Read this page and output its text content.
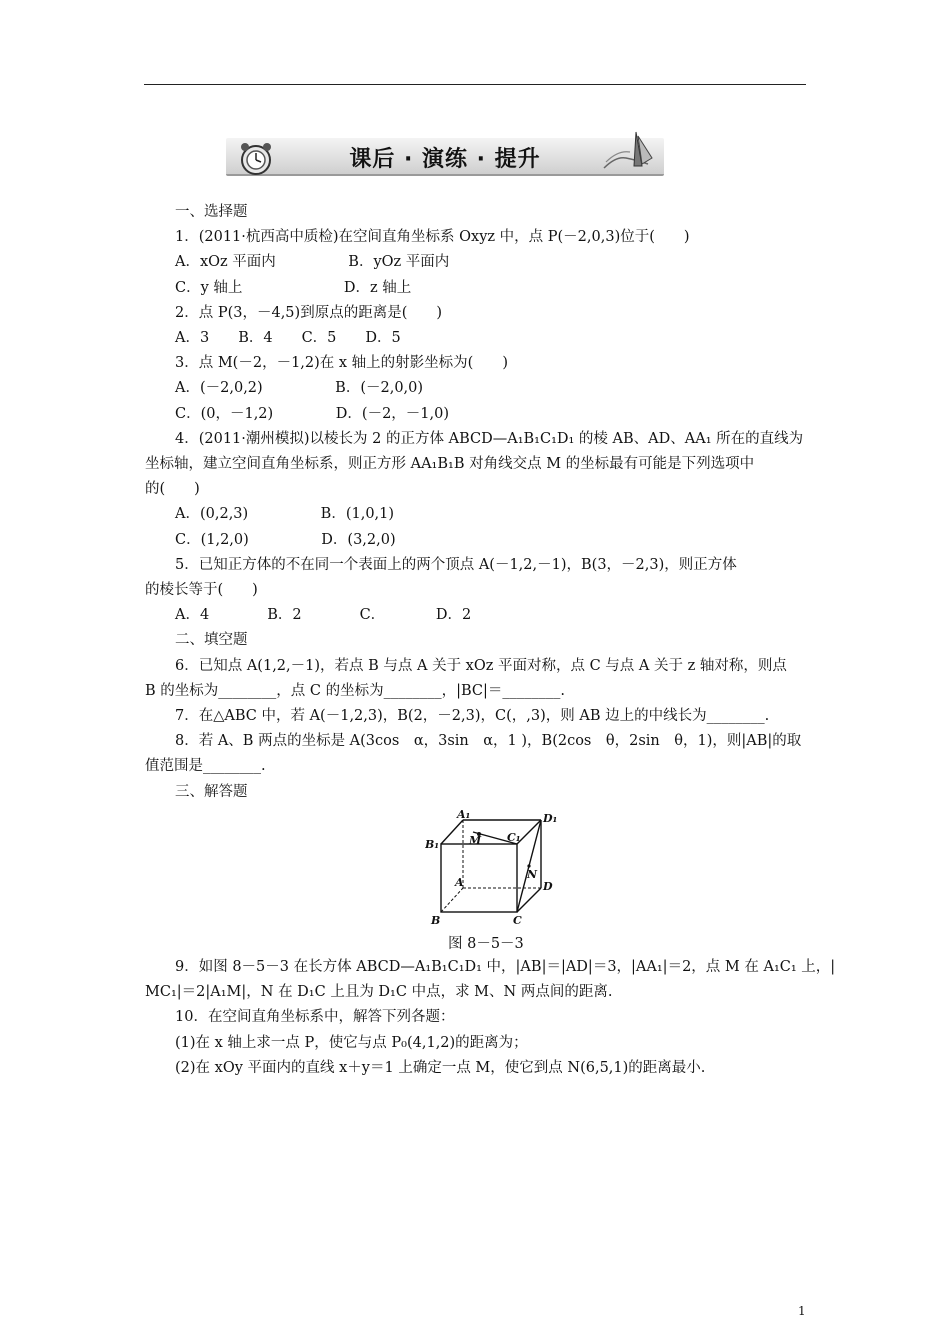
课后 · 演练 · 提升
一、选择题
1．(2011·杭西高中质检)在空间直角坐标系 Oxyz 中，点 P(－2,0,3)位于(　　)
A．xOz 平面内　　　　　B．yOz 平面内
C．y 轴上　　　　　　　D．z 轴上
2．点 P(3，－4,5)到原点的距离是(　　)
A．3　　B．4　　C．5　　D．5
3．点 M(－2，－1,2)在 x 轴上的射影坐标为(　　)
A．(－2,0,2)　　　　　B．(－2,0,0)
C．(0，－1,2)　　　　 D．(－2，－1,0)
4．(2011·潮州模拟)以棱长为 2 的正方体 ABCD—A₁B₁C₁D₁ 的棱 AB、AD、AA₁ 所在的直线为
坐标轴，建立空间直角坐标系，则正方形 AA₁B₁B 对角线交点 M 的坐标最有可能是下列选项中
的(　　)
A．(0,2,3)　　　　　B．(1,0,1)
C．(1,2,0)　　　　　D．(3,2,0)
5．已知正方体的不在同一个表面上的两个顶点 A(－1,2,－1)，B(3，－2,3)，则正方体
的棱长等于(　　)
A．4　　　　B．2　　　　C．　　　　D．2
二、填空题
6．已知点 A(1,2,－1)，若点 B 与点 A 关于 xOz 平面对称，点 C 与点 A 关于 z 轴对称，则点
B 的坐标为________，点 C 的坐标为________，|BC|＝________.
7．在△ABC 中，若 A(－1,2,3)，B(2，－2,3)，C(，,3)，则 AB 边上的中线长为________.
8．若 A、B 两点的坐标是 A(3cos　α，3sin　α，1 )，B(2cos　θ，2sin　θ，1)，则|AB|的取
值范围是________.
三、解答题
A₁	D₁
B₁
C₁
M
N
A	D
B	C
图 8－5－3
9．如图 8－5－3 在长方体 ABCD—A₁B₁C₁D₁ 中，|AB|＝|AD|＝3，|AA₁|＝2，点 M 在 A₁C₁ 上，|
MC₁|＝2|A₁M|，N 在 D₁C 上且为 D₁C 中点，求 M、N 两点间的距离.
10．在空间直角坐标系中，解答下列各题：
(1)在 x 轴上求一点 P，使它与点 P₀(4,1,2)的距离为；
(2)在 xOy 平面内的直线 x＋y＝1 上确定一点 M，使它到点 N(6,5,1)的距离最小.
1
